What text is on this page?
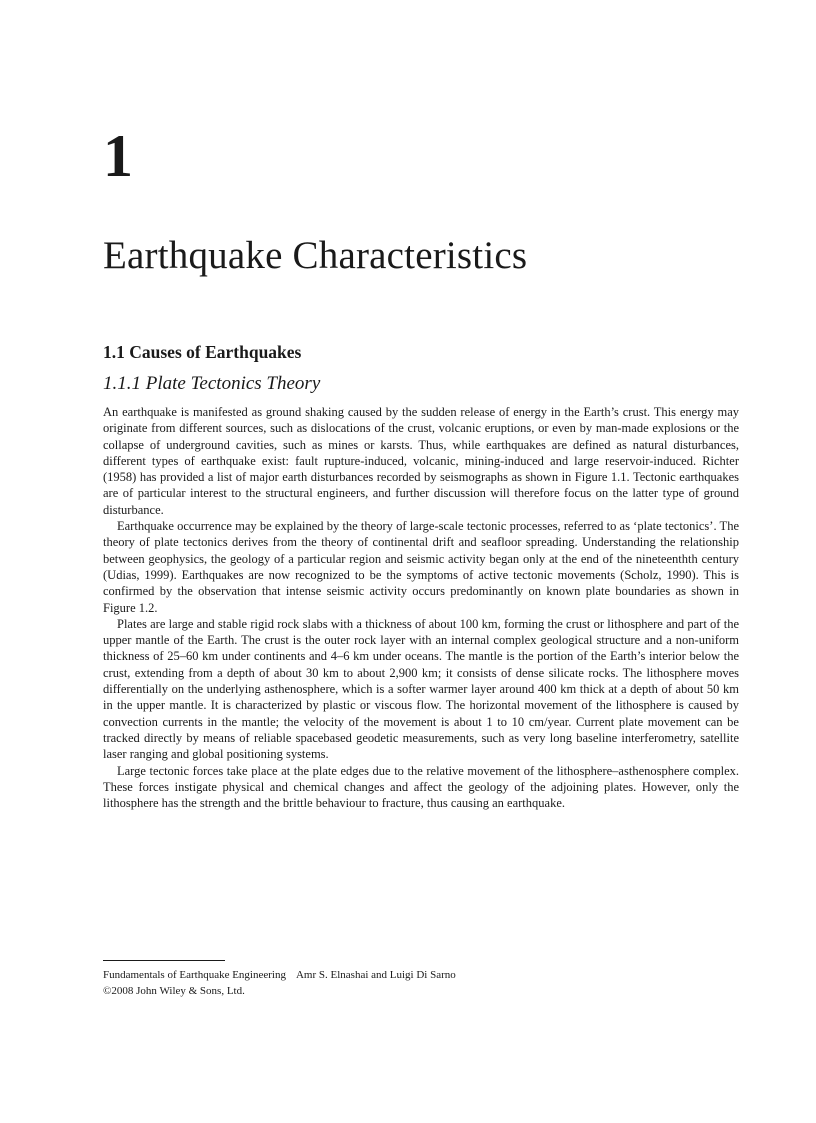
1
Earthquake Characteristics
1.1 Causes of Earthquakes
1.1.1 Plate Tectonics Theory

An earthquake is manifested as ground shaking caused by the sudden release of energy in the Earth’s crust. This energy may originate from different sources, such as dislocations of the crust, volcanic eruptions, or even by man-made explosions or the collapse of underground cavities, such as mines or karsts. Thus, while earthquakes are defined as natural disturbances, different types of earthquake exist: fault rupture-induced, volcanic, mining-induced and large reservoir-induced. Richter (1958) has provided a list of major earth disturbances recorded by seismographs as shown in Figure 1.1. Tectonic earthquakes are of particular interest to the structural engineers, and further discussion will therefore focus on the latter type of ground disturbance.

Earthquake occurrence may be explained by the theory of large-scale tectonic processes, referred to as ‘plate tectonics’. The theory of plate tectonics derives from the theory of continental drift and seafloor spreading. Understanding the relationship between geophysics, the geology of a particular region and seismic activity began only at the end of the nineteenthth century (Udias, 1999). Earthquakes are now recognized to be the symptoms of active tectonic movements (Scholz, 1990). This is confirmed by the observation that intense seismic activity occurs predominantly on known plate boundaries as shown in Figure 1.2.

Plates are large and stable rigid rock slabs with a thickness of about 100 km, forming the crust or lithosphere and part of the upper mantle of the Earth. The crust is the outer rock layer with an internal complex geological structure and a non-uniform thickness of 25–60 km under continents and 4–6 km under oceans. The mantle is the portion of the Earth’s interior below the crust, extending from a depth of about 30 km to about 2,900 km; it consists of dense silicate rocks. The lithosphere moves differentially on the underlying asthenosphere, which is a softer warmer layer around 400 km thick at a depth of about 50 km in the upper mantle. It is characterized by plastic or viscous flow. The horizontal movement of the lithosphere is caused by convection currents in the mantle; the velocity of the movement is about 1 to 10 cm/year. Current plate movement can be tracked directly by means of reliable spacebased geodetic measurements, such as very long baseline interferometry, satellite laser ranging and global positioning systems.

Large tectonic forces take place at the plate edges due to the relative movement of the lithosphere–asthenosphere complex. These forces instigate physical and chemical changes and affect the geology of the adjoining plates. However, only the lithosphere has the strength and the brittle behaviour to fracture, thus causing an earthquake.

Fundamentals of Earthquake Engineering Amr S. Elnashai and Luigi Di Sarno
©2008 John Wiley & Sons, Ltd.
